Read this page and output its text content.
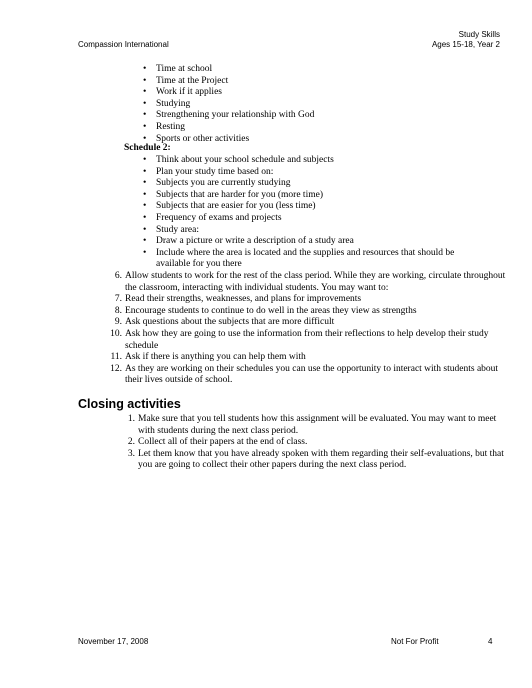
Compassion International
Study Skills
Ages 15-18, Year 2
• Time at school
• Time at the Project
• Work if it applies
• Studying
• Strengthening your relationship with God
• Resting
• Sports or other activities
Schedule 2:
• Think about your school schedule and subjects
• Plan your study time based on:
• Subjects you are currently studying
• Subjects that are harder for you (more time)
• Subjects that are easier for you (less time)
• Frequency of exams and projects
• Study area:
• Draw a picture or write a description of a study area
• Include where the area is located and the supplies and resources that should be available for you there
6. Allow students to work for the rest of the class period. While they are working, circulate throughout the classroom, interacting with individual students. You may want to:
7. Read their strengths, weaknesses, and plans for improvements
8. Encourage students to continue to do well in the areas they view as strengths
9. Ask questions about the subjects that are more difficult
10. Ask how they are going to use the information from their reflections to help develop their study schedule
11. Ask if there is anything you can help them with
12. As they are working on their schedules you can use the opportunity to interact with students about their lives outside of school.
Closing activities
1. Make sure that you tell students how this assignment will be evaluated. You may want to meet with students during the next class period.
2. Collect all of their papers at the end of class.
3. Let them know that you have already spoken with them regarding their self-evaluations, but that you are going to collect their other papers during the next class period.
November 17, 2008	Not For Profit	4
